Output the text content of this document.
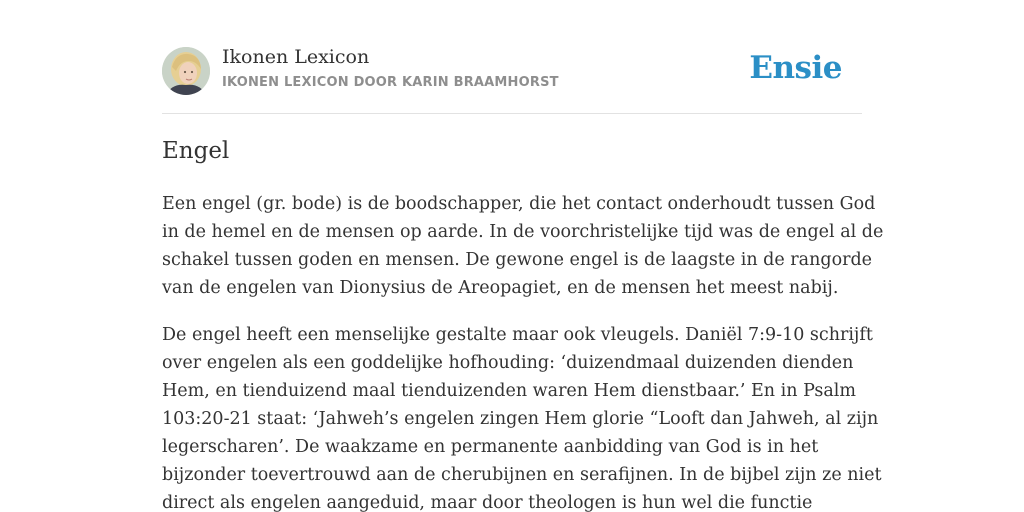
Ikonen Lexicon
IKONEN LEXICON DOOR KARIN BRAAMHORST	Ensie
Engel

Een engel (gr. bode) is de boodschapper, die het contact onderhoudt tussen God
in de hemel en de mensen op aarde. In de voorchristelijke tijd was de engel al de
schakel tussen goden en mensen. De gewone engel is de laagste in de rangorde
van de engelen van Dionysius de Areopagiet, en de mensen het meest nabij.

De engel heeft een menselijke gestalte maar ook vleugels. Daniël 7:9-10 schrijft
over engelen als een goddelijke hofhouding: ‘duizendmaal duizenden dienden
Hem, en tienduizend maal tienduizenden waren Hem dienstbaar.’ En in Psalm
103:20-21 staat: ‘Jahweh’s engelen zingen Hem glorie “Looft dan Jahweh, al zijn
legerscharen’. De waakzame en permanente aanbidding van God is in het
bijzonder toevertrouwd aan de cherubijnen en serafijnen. In de bijbel zijn ze niet
direct als engelen aangeduid, maar door theologen is hun wel die functie
